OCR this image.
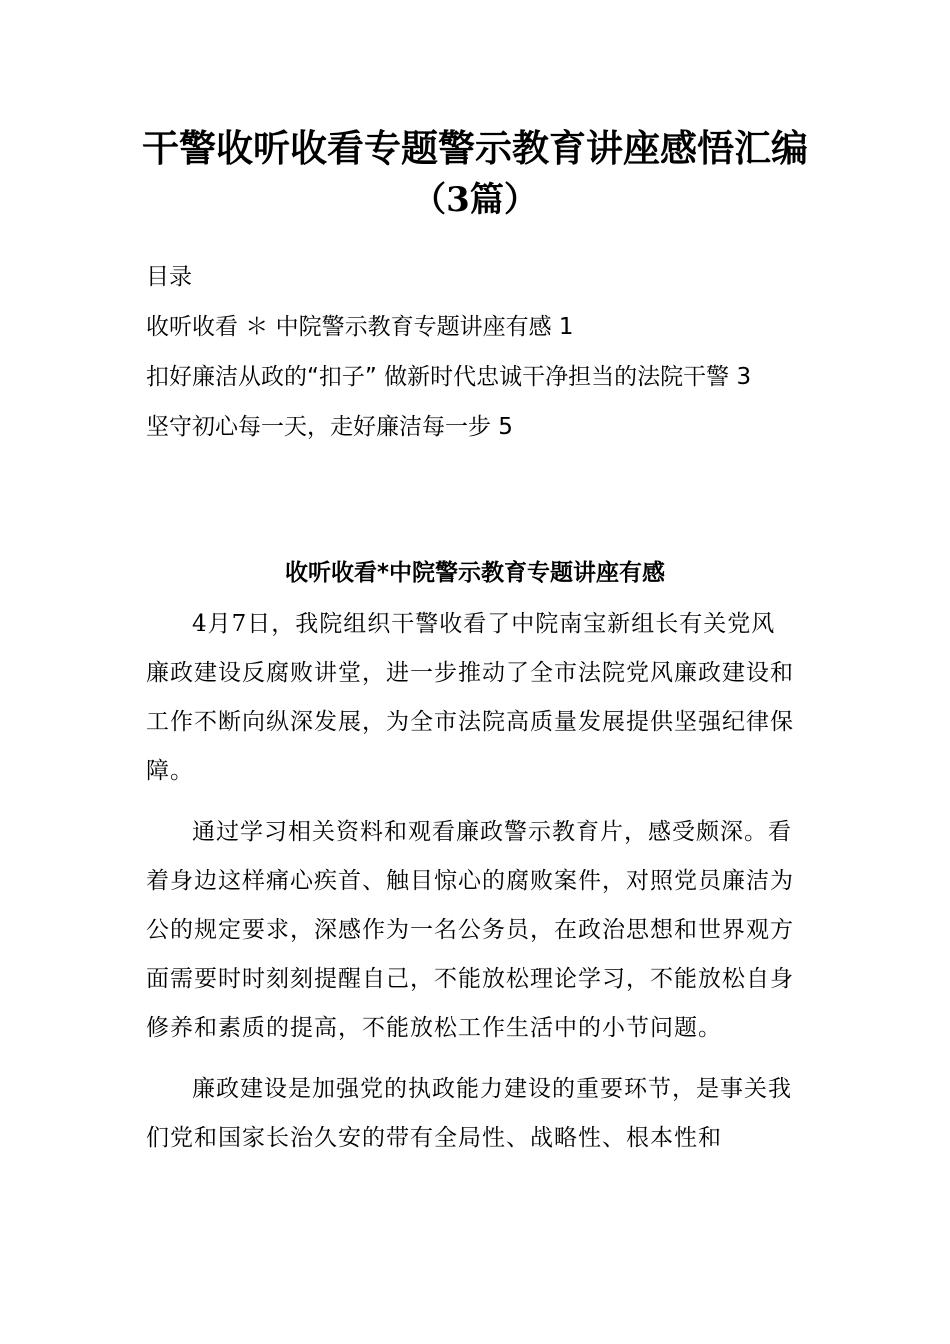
干警收听收看专题警示教育讲座感悟汇编
（3篇）

目录

收听收看 ＊ 中院警示教育专题讲座有感 1

扣好廉洁从政的“扣子” 做新时代忠诚干净担当的法院干警 3

坚守初心每一天，走好廉洁每一步 5

收听收看*中院警示教育专题讲座有感

4月7日，我院组织干警收看了中院南宝新组长有关党风廉政建设反腐败讲堂，进一步推动了全市法院党风廉政建设和工作不断向纵深发展，为全市法院高质量发展提供坚强纪律保障。

通过学习相关资料和观看廉政警示教育片，感受颇深。看着身边这样痛心疾首、触目惊心的腐败案件，对照党员廉洁为公的规定要求，深感作为一名公务员，在政治思想和世界观方面需要时时刻刻提醒自己，不能放松理论学习，不能放松自身修养和素质的提高，不能放松工作生活中的小节问题。

廉政建设是加强党的执政能力建设的重要环节，是事关我们党和国家长治久安的带有全局性、战略性、根本性和
